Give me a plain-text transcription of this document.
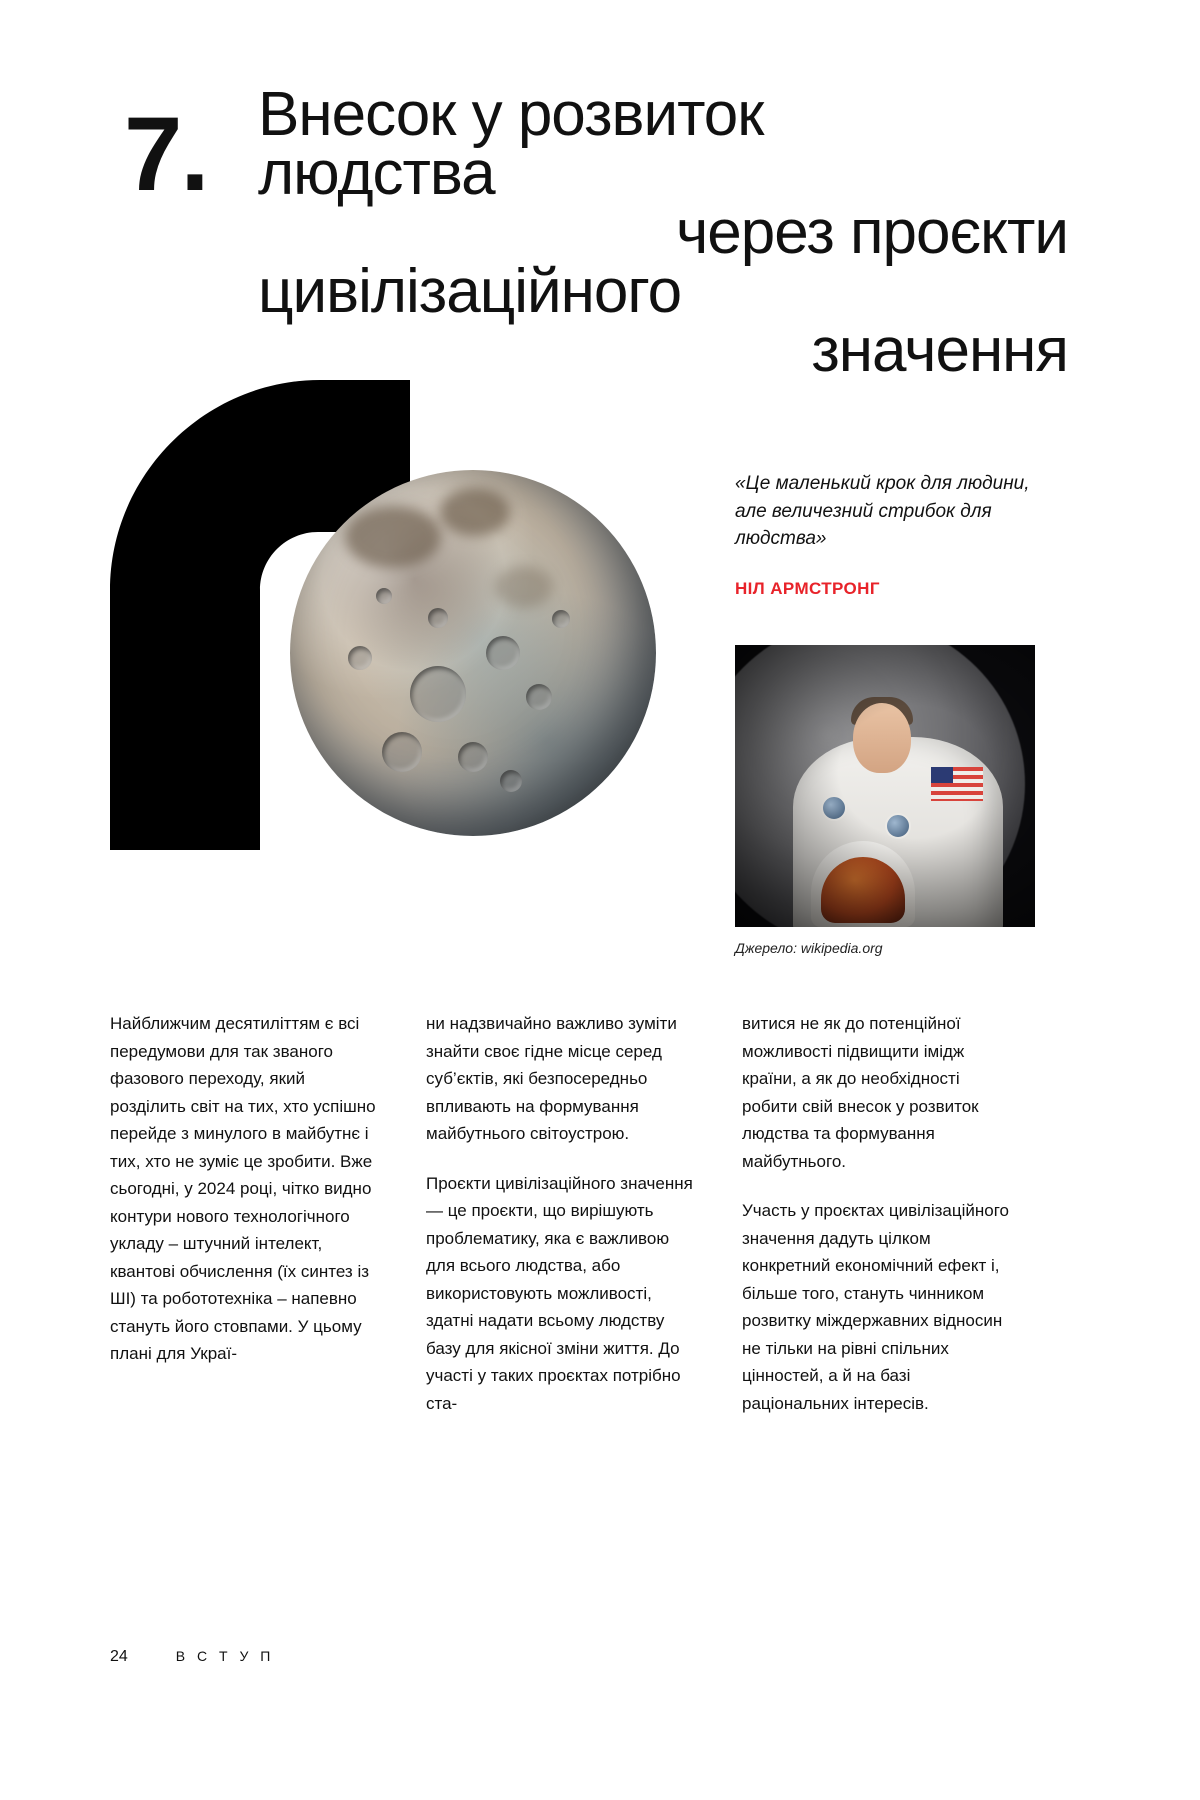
7. Внесок у розвиток
людства
через проєкти
цивілізаційного
значення

«Це маленький крок для людини, але величезний стрибок для людства»

НІЛ АРМСТРОНГ
Джерело: wikipedia.org

Найближчим десятиліттям є всі передумови для так званого фазового переходу, який розділить світ на тих, хто успішно перейде з минулого в майбутнє і тих, хто не зуміє це зробити. Вже сьогодні, у 2024 році, чітко видно контури нового технологічного укладу – штучний інтелект, квантові обчислення (їх синтез із ШІ) та робототехніка – напевно стануть його стовпами. У цьому плані для Украї-

ни надзвичайно важливо зуміти знайти своє гідне місце серед суб’єктів, які безпосередньо впливають на формування майбутнього світоустрою.

Проєкти цивілізаційного значення — це проєкти, що вирішують проблематику, яка є важливою для всього людства, або використовують можливості, здатні надати всьому людству базу для якісної зміни життя. До участі у таких проєктах потрібно ста-

витися не як до потенційної можливості підвищити імідж країни, а як до необхідності робити свій внесок у розвиток людства та формування майбутнього.

Участь у проєктах цивілізаційного значення дадуть цілком конкретний економічний ефект і, більше того, стануть чинником розвитку міждержавних відносин не тільки на рівні спільних цінностей, а й на базі раціональних інтересів.

24	В С Т У П
